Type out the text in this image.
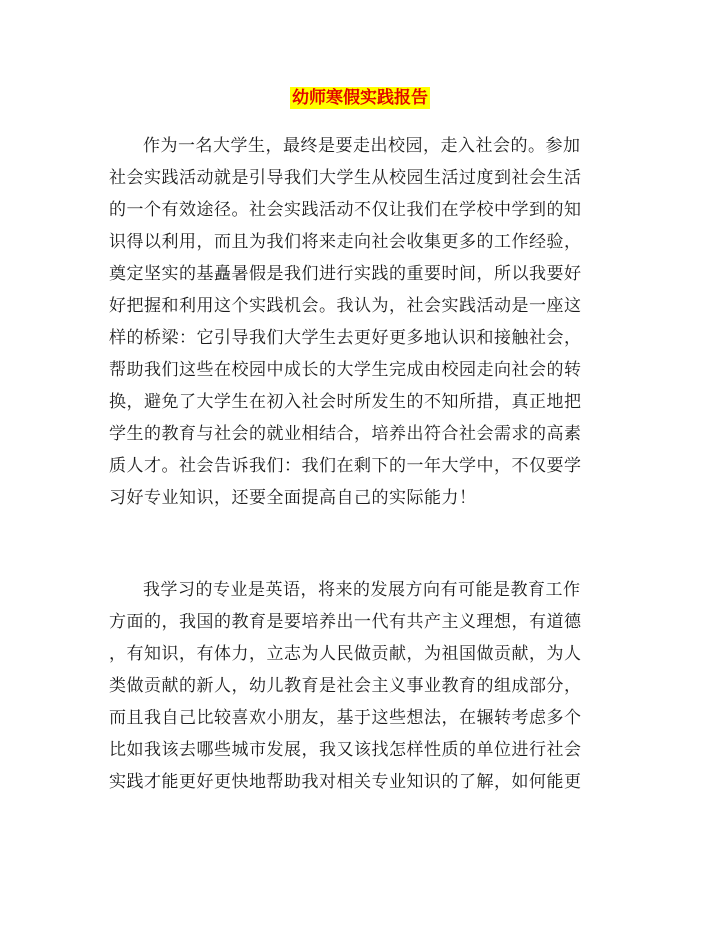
幼师寒假实践报告
作为一名大学生，最终是要走出校园，走入社会的。参加
社会实践活动就是引导我们大学生从校园生活过度到社会生活
的一个有效途径。社会实践活动不仅让我们在学校中学到的知
识得以利用，而且为我们将来走向社会收集更多的工作经验，
奠定坚实的基矗暑假是我们进行实践的重要时间，所以我要好
好把握和利用这个实践机会。我认为，社会实践活动是一座这
样的桥梁：它引导我们大学生去更好更多地认识和接触社会，
帮助我们这些在校园中成长的大学生完成由校园走向社会的转
换，避免了大学生在初入社会时所发生的不知所措，真正地把
学生的教育与社会的就业相结合，培养出符合社会需求的高素
质人才。社会告诉我们：我们在剩下的一年大学中，不仅要学
习好专业知识，还要全面提高自己的实际能力！
我学习的专业是英语，将来的发展方向有可能是教育工作
方面的，我国的教育是要培养出一代有共产主义理想，有道德
，有知识，有体力，立志为人民做贡献，为祖国做贡献，为人
类做贡献的新人，幼儿教育是社会主义事业教育的组成部分，
而且我自己比较喜欢小朋友，基于这些想法，在辗转考虑多个
比如我该去哪些城市发展，我又该找怎样性质的单位进行社会
实践才能更好更快地帮助我对相关专业知识的了解，如何能更
